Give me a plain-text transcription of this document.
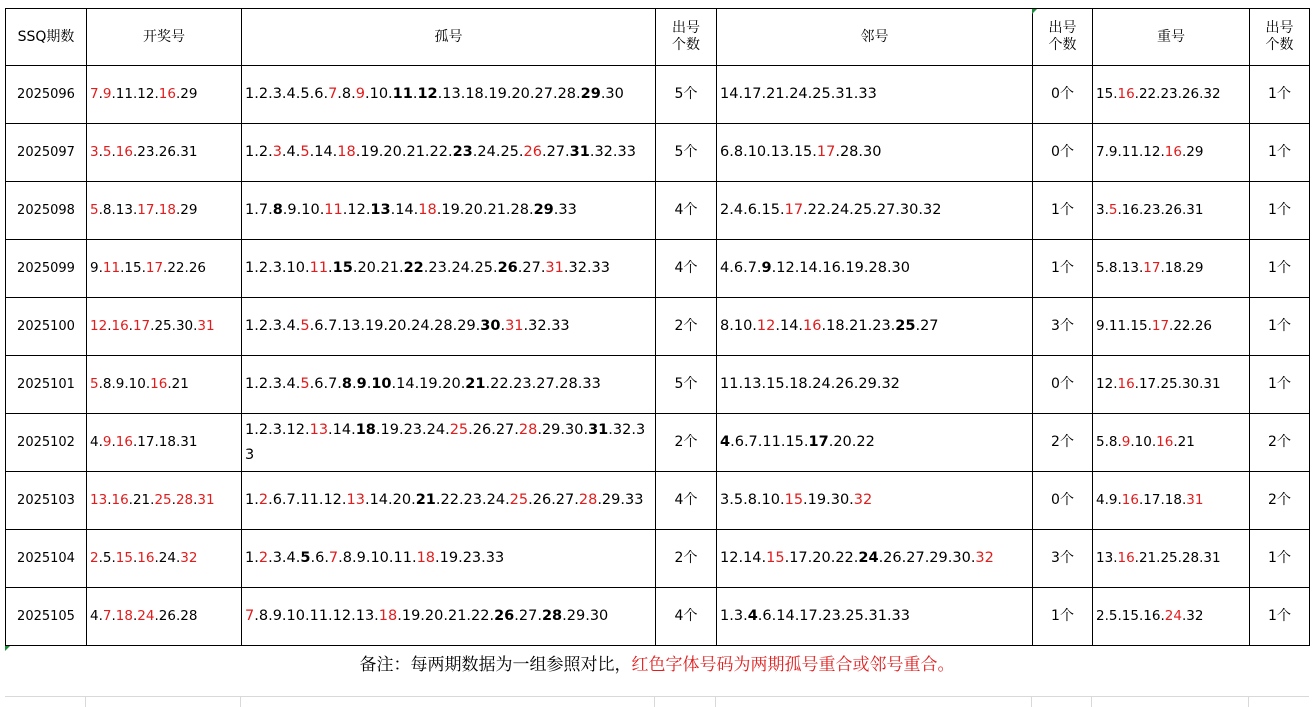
SSQ期数	开奖号	孤号	出号个数	邻号	出号个数	重号	出号个数

2025096	7.9.11.12.16.29	1.2.3.4.5.6.7.8.9.10.11.12.13.18.19.20.27.28.29.30	5个	14.17.21.24.25.31.33	0个	15.16.22.23.26.32	1个
2025097	3.5.16.23.26.31	1.2.3.4.5.14.18.19.20.21.22.23.24.25.26.27.31.32.33	5个	6.8.10.13.15.17.28.30	0个	7.9.11.12.16.29	1个
2025098	5.8.13.17.18.29	1.7.8.9.10.11.12.13.14.18.19.20.21.28.29.33	4个	2.4.6.15.17.22.24.25.27.30.32	1个	3.5.16.23.26.31	1个
2025099	9.11.15.17.22.26	1.2.3.10.11.15.20.21.22.23.24.25.26.27.31.32.33	4个	4.6.7.9.12.14.16.19.28.30	1个	5.8.13.17.18.29	1个
2025100	12.16.17.25.30.31	1.2.3.4.5.6.7.13.19.20.24.28.29.30.31.32.33	2个	8.10.12.14.16.18.21.23.25.27	3个	9.11.15.17.22.26	1个
2025101	5.8.9.10.16.21	1.2.3.4.5.6.7.8.9.10.14.19.20.21.22.23.27.28.33	5个	11.13.15.18.24.26.29.32	0个	12.16.17.25.30.31	1个
2025102	4.9.16.17.18.31	1.2.3.12.13.14.18.19.23.24.25.26.27.28.29.30.31.32.33	2个	4.6.7.11.15.17.20.22	2个	5.8.9.10.16.21	2个
2025103	13.16.21.25.28.31	1.2.6.7.11.12.13.14.20.21.22.23.24.25.26.27.28.29.33	4个	3.5.8.10.15.19.30.32	0个	4.9.16.17.18.31	2个
2025104	2.5.15.16.24.32	1.2.3.4.5.6.7.8.9.10.11.18.19.23.33	2个	12.14.15.17.20.22.24.26.27.29.30.32	3个	13.16.21.25.28.31	1个
2025105	4.7.18.24.26.28	7.8.9.10.11.12.13.18.19.20.21.22.26.27.28.29.30	4个	1.3.4.6.14.17.23.25.31.33	1个	2.5.15.16.24.32	1个
备注：每两期数据为一组参照对比，红色字体号码为两期孤号重合或邻号重合。
